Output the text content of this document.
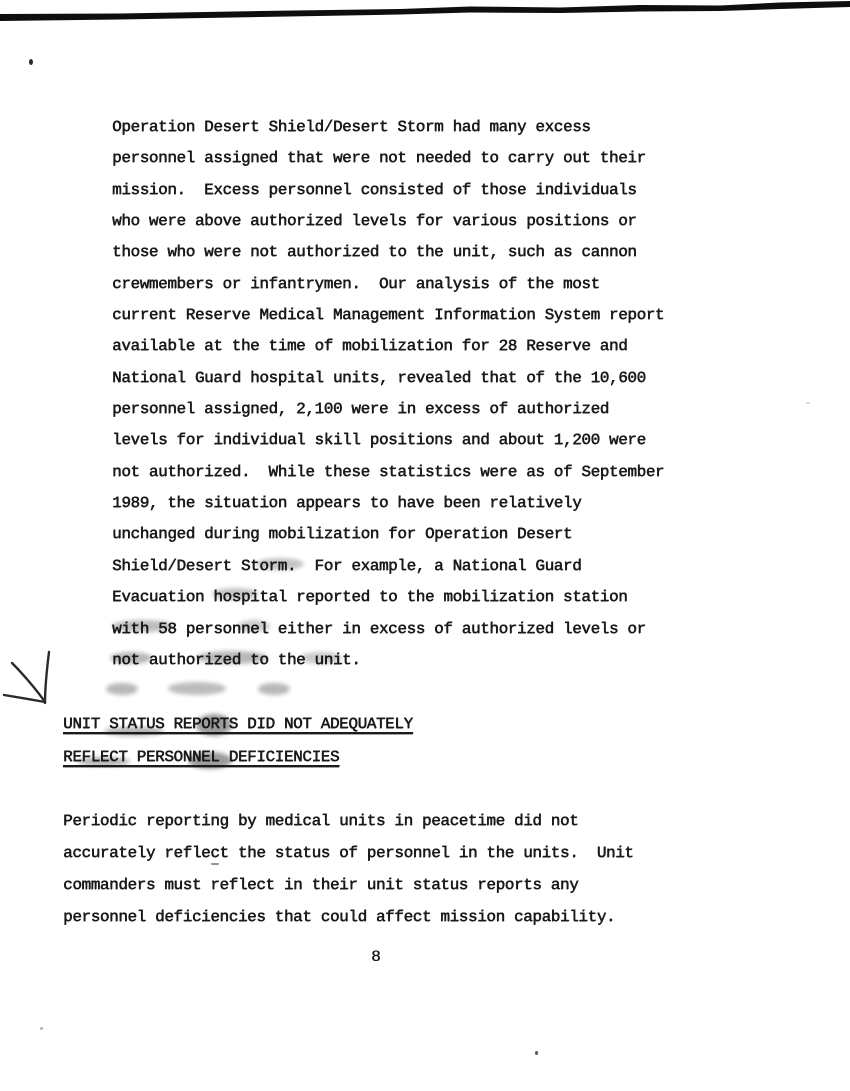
Operation Desert Shield/Desert Storm had many excess
personnel assigned that were not needed to carry out their
mission.  Excess personnel consisted of those individuals
who were above authorized levels for various positions or
those who were not authorized to the unit, such as cannon
crewmembers or infantrymen.  Our analysis of the most
current Reserve Medical Management Information System report
available at the time of mobilization for 28 Reserve and
National Guard hospital units, revealed that of the 10,600
personnel assigned, 2,100 were in excess of authorized
levels for individual skill positions and about 1,200 were
not authorized.  While these statistics were as of September
1989, the situation appears to have been relatively
unchanged during mobilization for Operation Desert
Shield/Desert Storm.  For example, a National Guard
Evacuation hospital reported to the mobilization station
with 58 personnel either in excess of authorized levels or
not authorized to the unit.
UNIT STATUS REPORTS DID NOT ADEQUATELY
REFLECT PERSONNEL DEFICIENCIES
Periodic reporting by medical units in peacetime did not
accurately reflect the status of personnel in the units.  Unit
commanders must reflect in their unit status reports any
personnel deficiencies that could affect mission capability.
8
